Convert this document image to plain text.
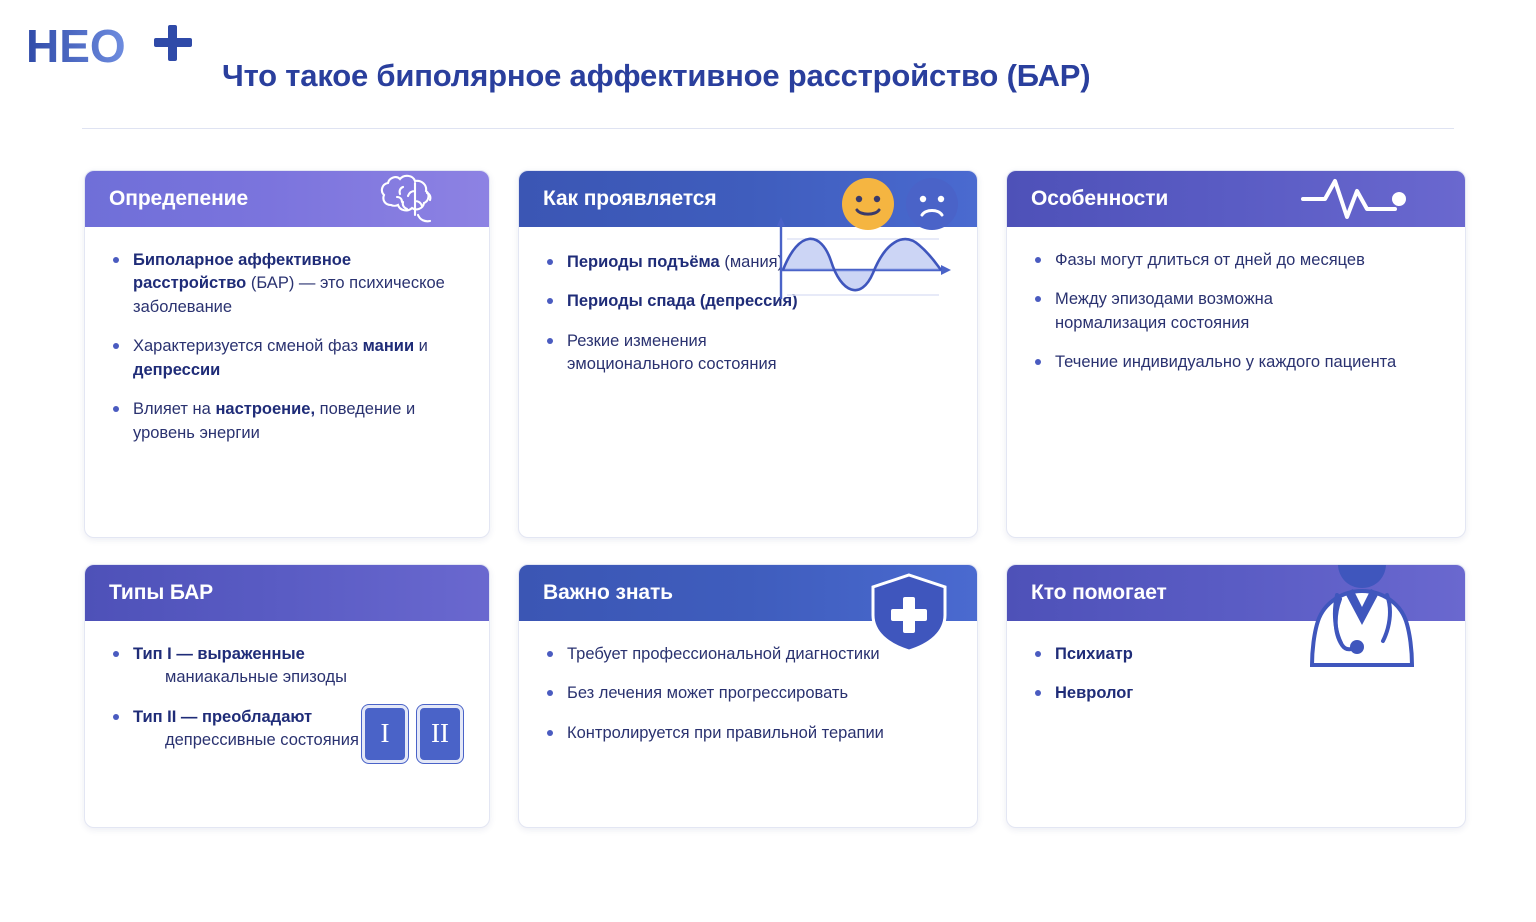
HEO
Что такое биполярное аффективное расстройство (БАР)
Опредепение
Биполарное аффективное расстройство (БАР) — это психическое заболевание
Характеризуется сменой фаз мании и депрессии
Влияет на настроение, поведение и уровень энергии
Как проявляется
Периоды подъёма (мания)
Периоды спада (депрессия)
Резкие изменения эмоционального состояния
Особенности
Фазы могут длиться от дней до месяцев
Между эпизодами возможна нормализация состояния
Течение индивидуально у каждого пациента
Типы БАР
Тип I — выраженные
маниакальные эпизоды
Тип II — преобладают
депрессивные состояния I	II
Важно знать
Требует профессиональной диагностики
Без лечения может прогрессировать
Контролируется при правильной терапии
Кто помогает
Психиатр
Невролог
